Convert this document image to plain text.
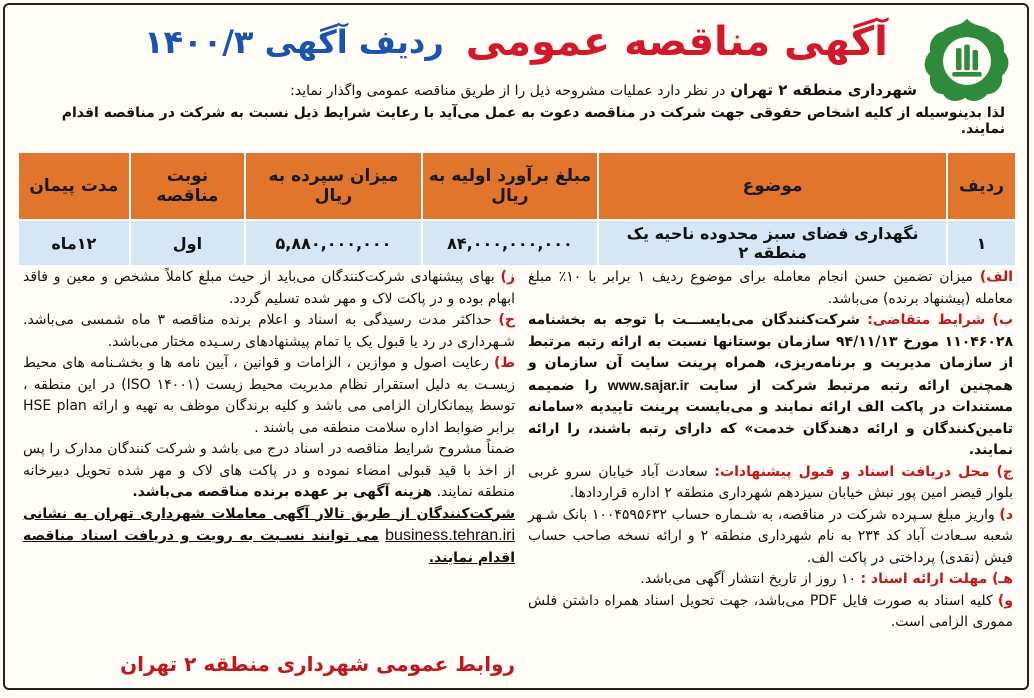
آگهی مناقصه عمومی
ردیف آگهی ۱۴۰۰/۳
شهرداری منطقه ۲ تهران در نظر دارد عملیات مشروحه ذیل را از طریق مناقصه عمومی واگذار نماید:
لذا بدینوسیله از کلیه اشخاص حقوقی جهت شرکت در مناقصه دعوت به عمل می‌آید با رعایت شرایط ذیل نسبت به شرکت در مناقصه اقدام نمایند.
ردیف	موضوع	مبلغ برآورد اولیه به ریال	میزان سپرده به ریال	نوبت مناقصه	مدت پیمان
۱	نگهداری فضای سبز محدوده ناحیه یک منطقه ۲	۸۴,۰۰۰,۰۰۰,۰۰۰	۵,۸۸۰,۰۰۰,۰۰۰	اول	۱۲ماه

الف) میزان تضمین حسن انجام معامله برای موضوع ردیف ۱ برابر با ۱۰٪ مبلغ معامله (پیشنهاد برنده) می‌باشد.

ب) شرایط متقاضی: شرکت‌کنندگان می‌بایســـت با توجه به بخشنامه ۱۱۰۴۶۰۲۸ مورخ ۹۴/۱۱/۱۳ سازمان بوستانها نسبت به ارائه رتبه مرتبط از سازمان مدیریت و برنامه‌ریزی، همراه پرینت سایت آن سازمان و همچنین ارائه رتبه مرتبط شرکت از سایت www.sajar.ir را ضمیمه مستندات در پاکت الف ارائه نمایند و می‌بایست پرینت تاییدیه «سامانه تامین‌کنندگان و ارائه دهندگان خدمت» که دارای رتبه باشند، را ارائه نمایند.

ج) محل دریافت اسناد و قبول پیشنهادات: سعادت آباد خیابان سرو غربی بلوار قیصر امین پور نبش خیابان سیزدهم شهرداری منطقه ۲ اداره قراردادها.

د) واریز مبلغ سـپرده شرکت در مناقصه، به شـماره حساب ۱۰۰۴۵۹۵۶۳۲ بانک شـهر شعبه سـعادت آباد کد ۲۳۴ به نام شهرداری منطقه ۲ و ارائه نسخه صاحب حساب فیش (نقدی) پرداختی در پاکت الف.

هـ) مهلت ارائه اسناد : ۱۰ روز از تاریخ انتشار آگهی می‌باشد.

و) کلیه اسناد به صورت فایل PDF می‌باشد، جهت تحویل اسناد همراه داشتن فلش مموری الزامی است.

ز) بهای پیشنهادی شرکت‌کنندگان می‌باید از حیث مبلغ کاملاً مشخص و معین و فاقد ابهام بوده و در پاکت لاک و مهر شده تسلیم گردد.

ح) حداکثر مدت رسیدگی به اسناد و اعلام برنده مناقصه ۳ ماه شمسی می‌باشد. شـهرداری در رد یا قبول یک یا تمام پیشنهادهای رسـیده مختار می‌باشد.

ط) رعایت اصول و موازین ، الزامات و قوانین ، آیین نامه ها و بخشـنامه های محیط زیسـت به دلیل استقرار نظام مدیریت محیط زیست (۱۴۰۰۱ ISO) در این منطقه ، توسط پیمانکاران الزامی می باشد و کلیه برندگان موظف به تهیه و ارائه HSE plan برابر ضوابط اداره سلامت منطقه می باشند .

ضمناً مشروح شرایط مناقصه در اسناد درج می باشد و شرکت کنندگان مدارک را پس از اخذ با قید قبولی امضاء نموده و در پاکت های لاک و مهر شده تحویل دبیرخانه منطقه نمایند. هزینه آگهی بر عهده برنده مناقصه می‌باشد.

شرکت‌کنندگان از طریق تالار آگهی معاملات شهرداری تهران به نشانی business.tehran.iri می توانند نسـبت به رویت و دریافت اسناد مناقصه اقدام نمایند.

روابط عمومی شهرداری منطقه ۲ تهران
